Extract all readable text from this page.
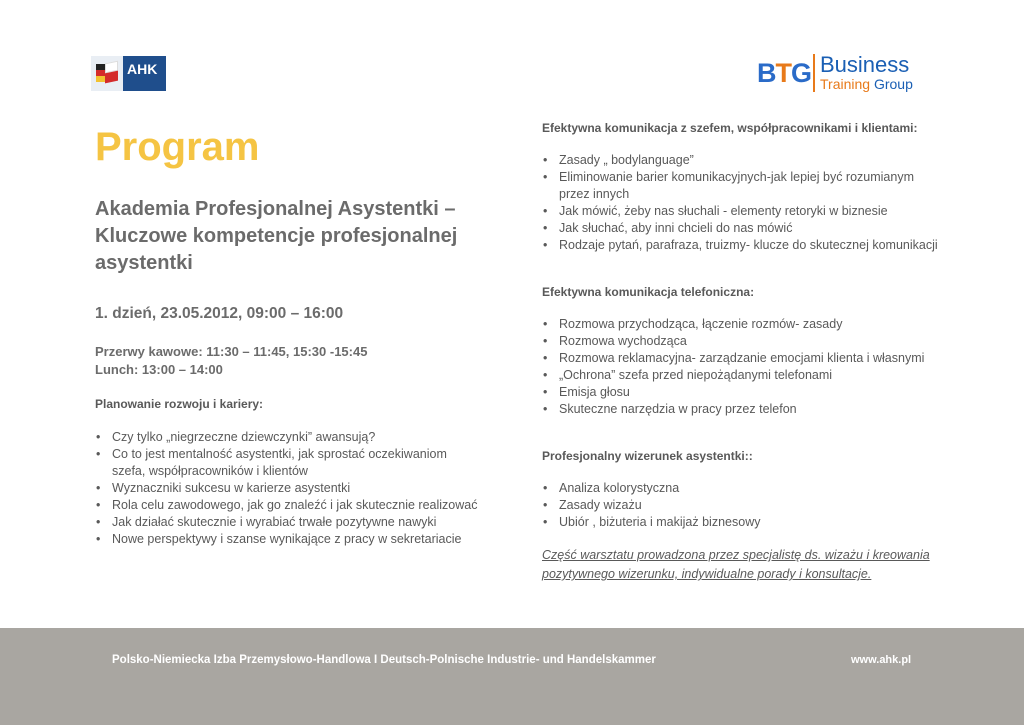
AHK	BTG Business
Training Group
Program
Akademia Profesjonalnej Asystentki – Kluczowe kompetencje profesjonalnej asystentki
1. dzień, 23.05.2012, 09:00 – 16:00
Przerwy kawowe: 11:30 – 11:45, 15:30 -15:45
Lunch: 13:00 – 14:00
Planowanie rozwoju i kariery:
• Czy tylko „niegrzeczne dziewczynki” awansują?
• Co to jest mentalność asystentki, jak sprostać oczekiwaniom szefa, współpracowników i klientów
• Wyznaczniki sukcesu w karierze asystentki
• Rola celu zawodowego, jak go znaleźć i jak skutecznie realizować
• Jak działać skutecznie i wyrabiać trwałe pozytywne nawyki
• Nowe perspektywy i szanse wynikające z pracy w sekretariacie
Efektywna komunikacja z szefem, współpracownikami i klientami:
• Zasady „ bodylanguage”
• Eliminowanie barier komunikacyjnych-jak lepiej być rozumianym przez innych
• Jak mówić, żeby nas słuchali - elementy retoryki w biznesie
• Jak słuchać, aby inni chcieli do nas mówić
• Rodzaje pytań, parafraza, truizmy- klucze do skutecznej komunikacji
Efektywna komunikacja telefoniczna:
• Rozmowa przychodząca, łączenie rozmów- zasady
• Rozmowa wychodząca
• Rozmowa reklamacyjna- zarządzanie emocjami klienta i własnymi
• „Ochrona” szefa przed niepożądanymi telefonami
• Emisja głosu
• Skuteczne narzędzia w pracy przez telefon
Profesjonalny wizerunek asystentki::
• Analiza kolorystyczna
• Zasady wizażu
• Ubiór , biżuteria i makijaż biznesowy
Część warsztatu prowadzona przez specjalistę ds. wizażu i kreowania pozytywnego wizerunku, indywidualne porady i konsultacje.
Polsko-Niemiecka Izba Przemysłowo-Handlowa I Deutsch-Polnische Industrie- und Handelskammer	www.ahk.pl
